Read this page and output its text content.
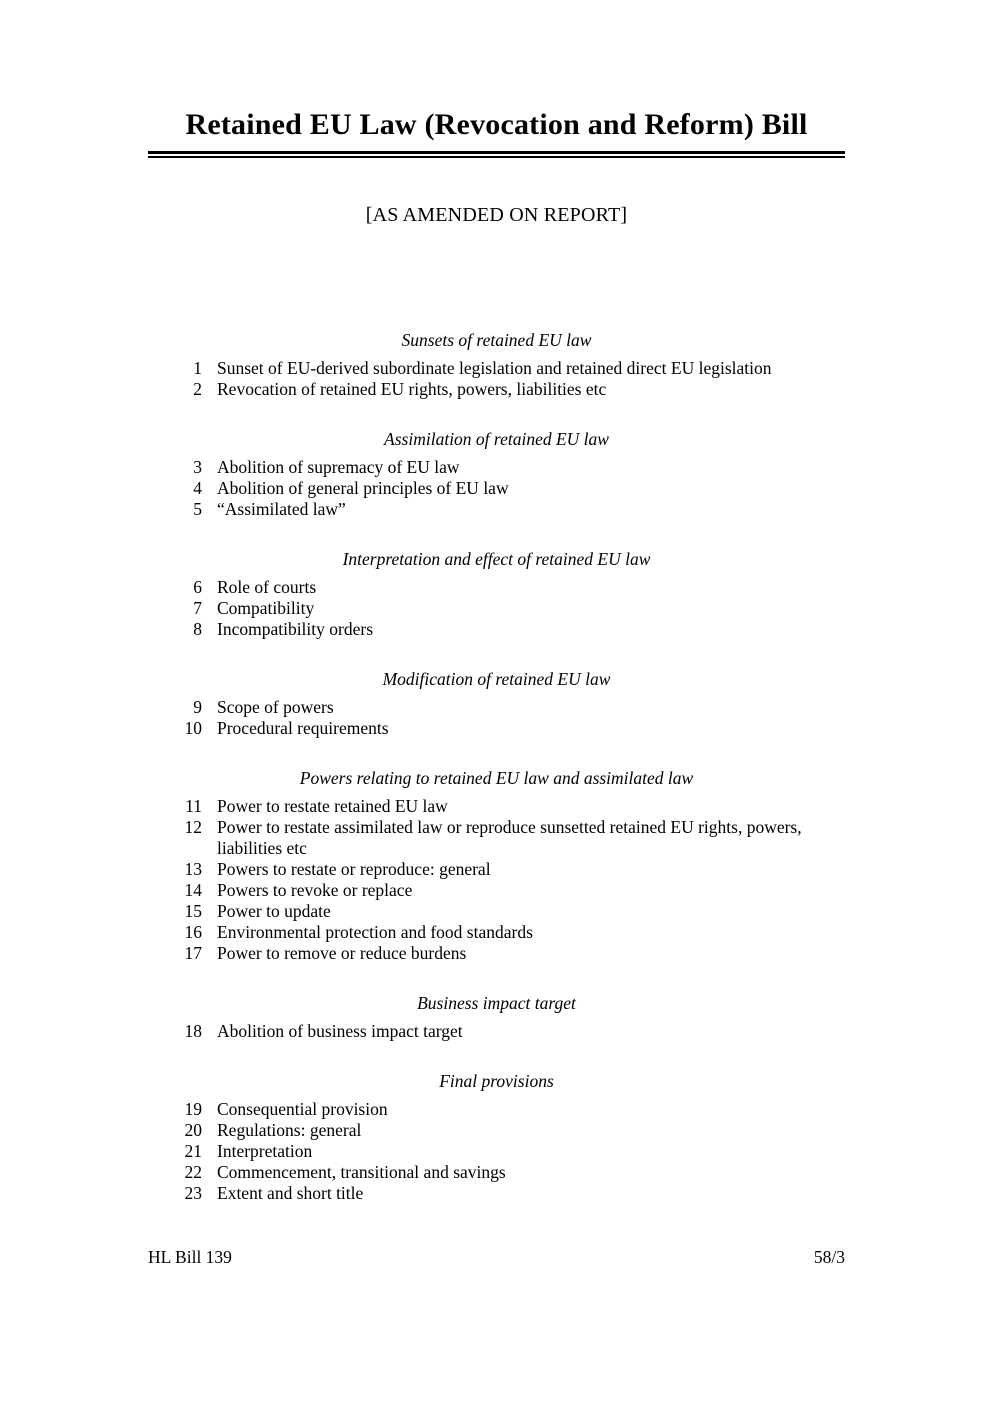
Retained EU Law (Revocation and Reform) Bill
[AS AMENDED ON REPORT]
Sunsets of retained EU law
1 Sunset of EU-derived subordinate legislation and retained direct EU legislation
2 Revocation of retained EU rights, powers, liabilities etc
Assimilation of retained EU law
3 Abolition of supremacy of EU law
4 Abolition of general principles of EU law
5 “Assimilated law”
Interpretation and effect of retained EU law
6 Role of courts
7 Compatibility
8 Incompatibility orders
Modification of retained EU law
9 Scope of powers
10 Procedural requirements
Powers relating to retained EU law and assimilated law
11 Power to restate retained EU law
12 Power to restate assimilated law or reproduce sunsetted retained EU rights, powers, liabilities etc
13 Powers to restate or reproduce: general
14 Powers to revoke or replace
15 Power to update
16 Environmental protection and food standards
17 Power to remove or reduce burdens
Business impact target
18 Abolition of business impact target
Final provisions
19 Consequential provision
20 Regulations: general
21 Interpretation
22 Commencement, transitional and savings
23 Extent and short title
HL Bill 139	58/3
